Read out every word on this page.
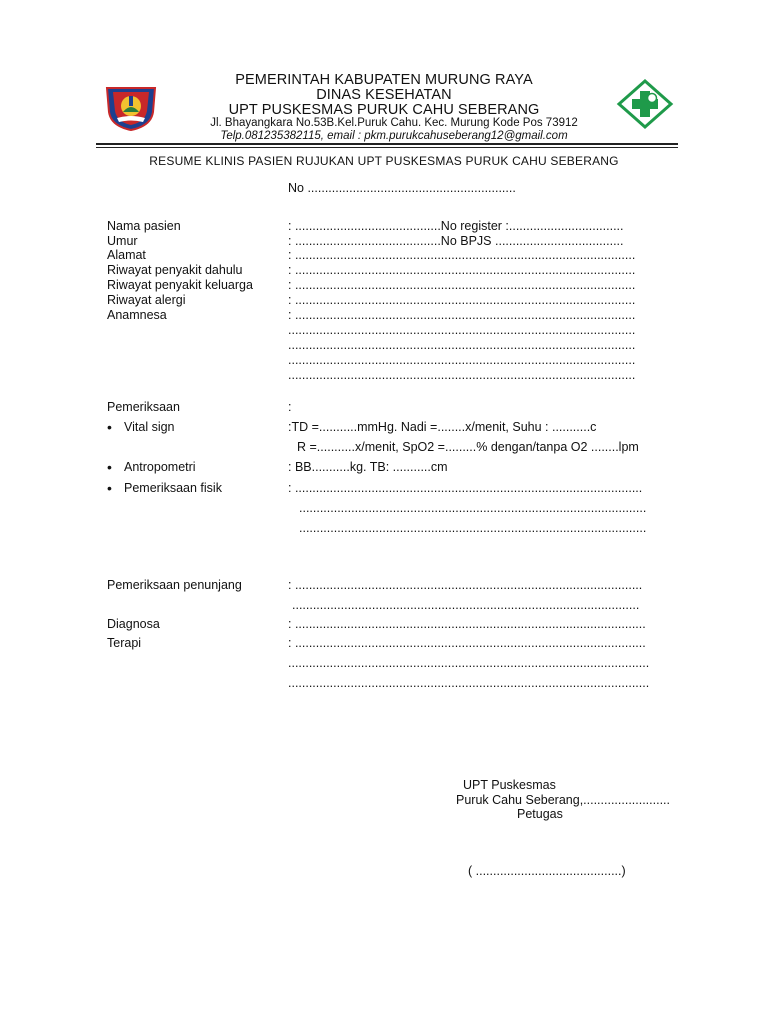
PEMERINTAH KABUPATEN MURUNG RAYA
DINAS KESEHATAN
UPT PUSKESMAS PURUK CAHU SEBERANG
Jl. Bhayangkara No.53B.Kel.Puruk Cahu. Kec. Murung Kode Pos 73912
Telp.081235382115, email : pkm.purukcahuseberang12@gmail.com
RESUME KLINIS PASIEN RUJUKAN UPT PUSKESMAS PURUK CAHU SEBERANG
No ............................................................
Nama pasien	: ..........................................No register :.................................
Umur	: ..........................................No BPJS .....................................
Alamat	: ..................................................................................................
Riwayat penyakit dahulu	: ..................................................................................................
Riwayat penyakit keluarga	: ..................................................................................................
Riwayat alergi	: ..................................................................................................
Anamnesa	: ..................................................................................................
....................................................................................................
....................................................................................................
....................................................................................................
....................................................................................................
Pemeriksaan	:
• Vital sign	:TD =...........mmHg. Nadi =........x/menit, Suhu : ...........c
R =...........x/menit, SpO2 =.........% dengan/tanpa O2 ........lpm
• Antropometri	: BB...........kg. TB: ...........cm
• Pemeriksaan fisik	: ....................................................................................................
....................................................................................................
....................................................................................................
Pemeriksaan penunjang	: ....................................................................................................
....................................................................................................
Diagnosa	: .....................................................................................................
Terapi	: .....................................................................................................
........................................................................................................
........................................................................................................
UPT Puskesmas
Puruk Cahu Seberang,.........................
Petugas
( ..........................................)
